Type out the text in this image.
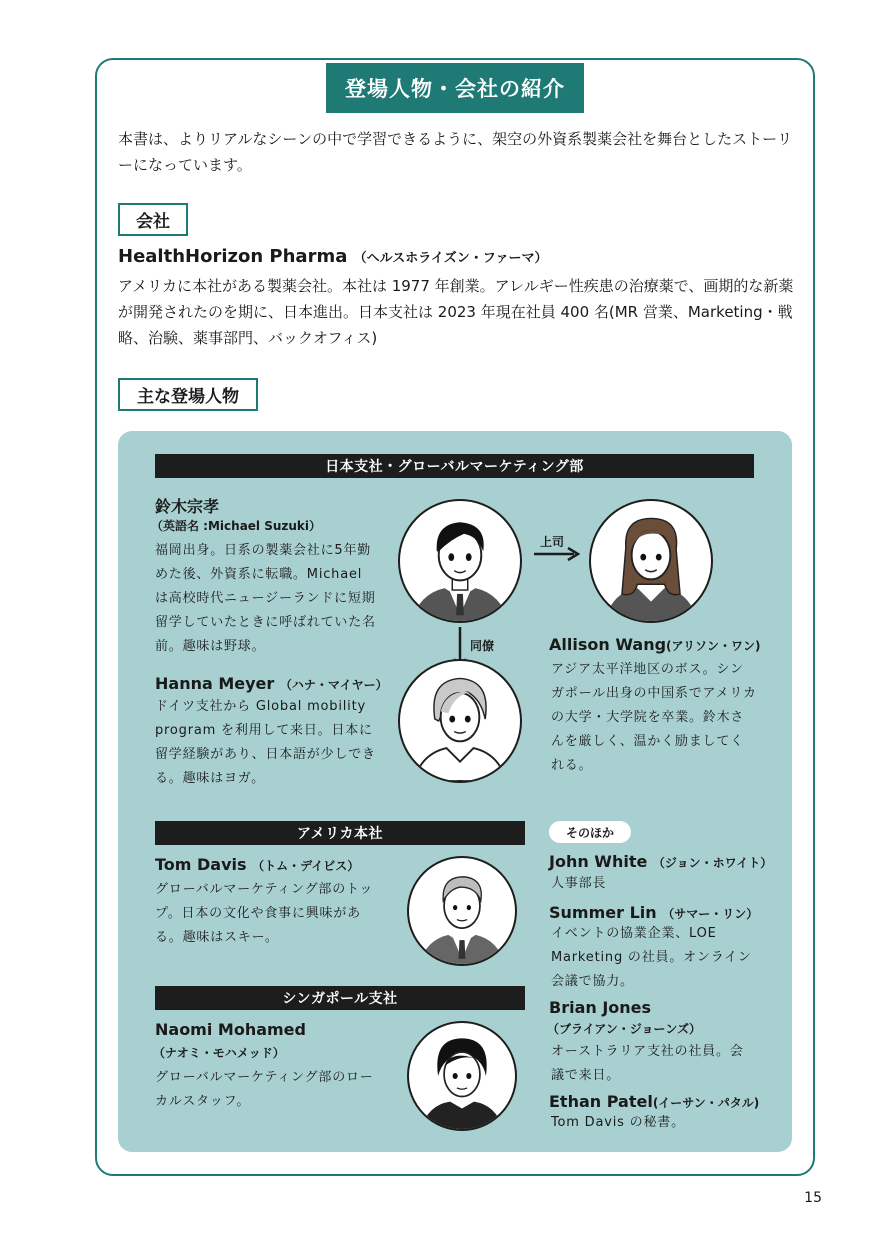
登場人物・会社の紹介

本書は、よりリアルなシーンの中で学習できるように、架空の外資系製薬会社を舞台としたストーリーになっています。

会社
HealthHorizon Pharma （ヘルスホライズン・ファーマ）

アメリカに本社がある製薬会社。本社は 1977 年創業。アレルギー性疾患の治療薬で、画期的な新薬が開発されたのを期に、日本進出。日本支社は 2023 年現在社員 400 名(MR 営業、Marketing・戦略、治験、薬事部門、バックオフィス)

主な登場人物
日本支社・グローバルマーケティング部
鈴木宗孝
（英語名 :Michael Suzuki）

福岡出身。日系の製薬会社に5年勤めた後、外資系に転職。Michael は高校時代ニュージーランドに短期留学していたときに呼ばれていた名前。趣味は野球。

上司
同僚	Allison Wang(アリソン・ワン)

アジア太平洋地区のボス。シンガポール出身の中国系でアメリカの大学・大学院を卒業。鈴木さんを厳しく、温かく励ましてくれる。

Hanna Meyer （ハナ・マイヤー）

ドイツ支社から Global mobility program を利用して来日。日本に留学経験があり、日本語が少しできる。趣味はヨガ。

アメリカ本社
Tom Davis （トム・デイビス）

グローバルマーケティング部のトップ。日本の文化や食事に興味がある。趣味はスキー。

シンガポール支社
Naomi Mohamed
（ナオミ・モハメッド）

グローバルマーケティング部のローカルスタッフ。

そのほか
John White （ジョン・ホワイト）

人事部長

Summer Lin （サマー・リン）

イベントの協業企業、LOE Marketing の社員。オンライン会議で協力。

Brian Jones
（ブライアン・ジョーンズ）

オーストラリア支社の社員。会議で来日。

Ethan Patel(イーサン・パタル)

Tom Davis の秘書。

15
